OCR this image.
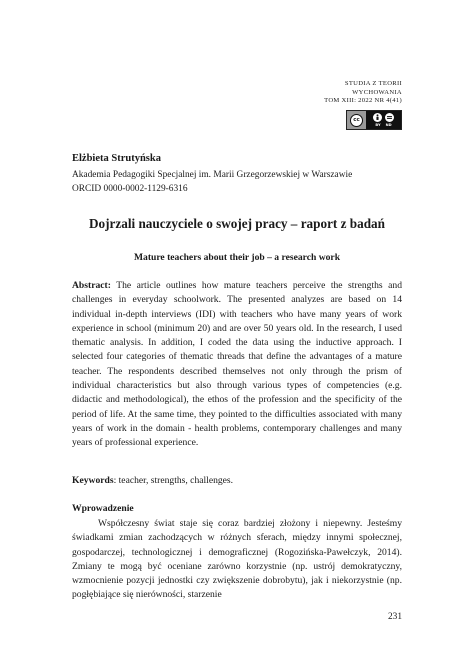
STUDIA Z TEORII
WYCHOWANIA
TOM XIII: 2022 NR 4(41)
cc
BY ND
Elżbieta Strutyńska
Akademia Pedagogiki Specjalnej im. Marii Grzegorzewskiej w Warszawie
ORCID 0000-0002-1129-6316
Dojrzali nauczyciele o swojej pracy – raport z badań
Mature teachers about their job – a research work
Abstract: The article outlines how mature teachers perceive the strengths and challenges in everyday schoolwork. The presented analyzes are based on 14 individual in-depth interviews (IDI) with teachers who have many years of work experience in school (minimum 20) and are over 50 years old. In the research, I used thematic analysis. In addition, I coded the data using the inductive approach. I selected four categories of thematic threads that define the advantages of a mature teacher. The respondents described themselves not only through the prism of individual characteristics but also through various types of competencies (e.g. didactic and methodological), the ethos of the profession and the specificity of the period of life. At the same time, they pointed to the difficulties associated with many years of work in the domain - health problems, contemporary challenges and many years of professional experience.
Keywords: teacher, strengths, challenges.
Wprowadzenie
Współczesny świat staje się coraz bardziej złożony i niepewny. Jesteśmy świadkami zmian zachodzących w różnych sferach, między innymi społecznej, gospodarczej, technologicznej i demograficznej (Rogozińska-Pawełczyk, 2014). Zmiany te mogą być oceniane zarówno korzystnie (np. ustrój demokratyczny, wzmocnienie pozycji jednostki czy zwiększenie dobrobytu), jak i niekorzystnie (np. pogłębiające się nierówności, starzenie
231
